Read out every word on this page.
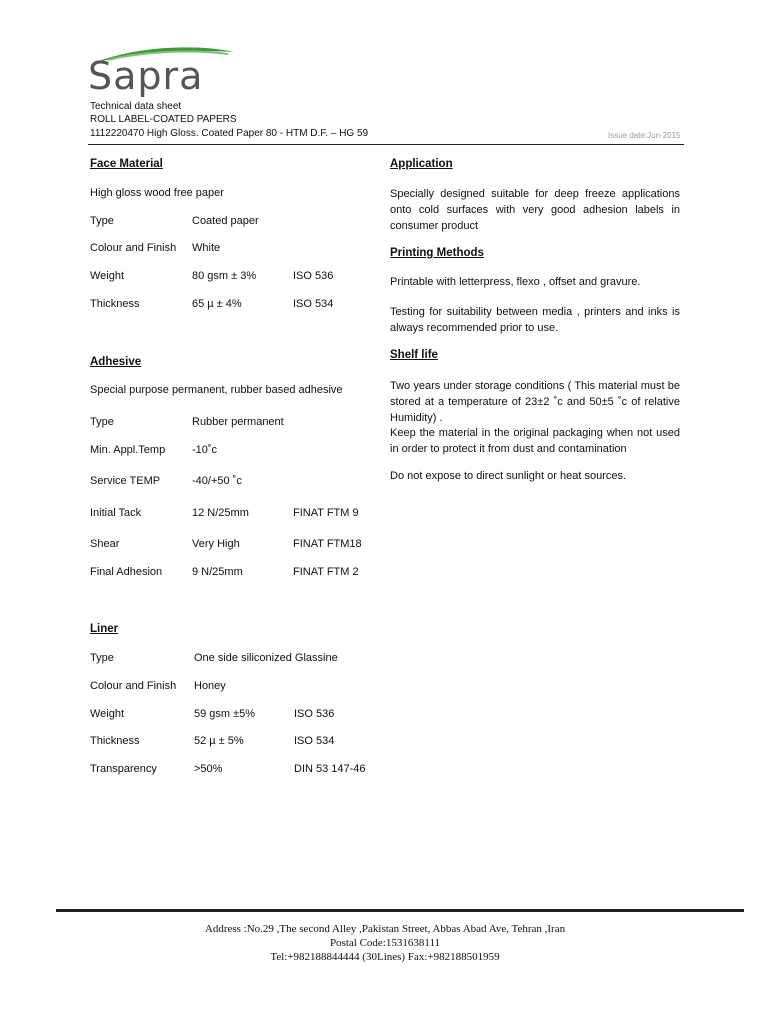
Sapra
Technical data sheet
ROLL LABEL-COATED PAPERS
1112220470 High Gloss. Coated Paper 80 - HTM D.F. – HG 59	Issue date:Jun-2015
Face Material
High gloss wood free paper
Type	Coated paper
Colour and Finish White
Weight	80 gsm ± 3%	ISO 536
Thickness	65 µ ± 4%	ISO 534
Adhesive
Special purpose permanent, rubber based adhesive
Type	Rubber permanent
Min. Appl.Temp -10˚c
Service TEMP	-40/+50 ˚c
Initial Tack	12 N/25mm	FINAT FTM 9
Shear	Very High	FINAT FTM18
Final Adhesion	9 N/25mm	FINAT FTM 2
Liner
Type	One side siliconized Glassine
Colour and Finish Honey
Weight	59 gsm ±5%	ISO 536
Thickness	52 µ ± 5%	ISO 534
Transparency	>50%	DIN 53 147-46
Application
Specially designed suitable for deep freeze applications onto cold surfaces with very good adhesion labels in consumer product
Printing Methods
Printable with letterpress, flexo , offset and gravure.
Testing for suitability between media , printers and inks is always recommended prior to use.
Shelf life
Two years under storage conditions ( This material must be stored at a temperature of 23±2 ˚c and 50±5 ˚c of relative Humidity) .
Keep the material in the original packaging when not used in order to protect it from dust and contamination
Do not expose to direct sunlight or heat sources.
Address :No.29 ,The second Alley ,Pakistan Street, Abbas Abad Ave, Tehran ,Iran
Postal Code:1531638111
Tel:+982188844444 (30Lines) Fax:+982188501959
